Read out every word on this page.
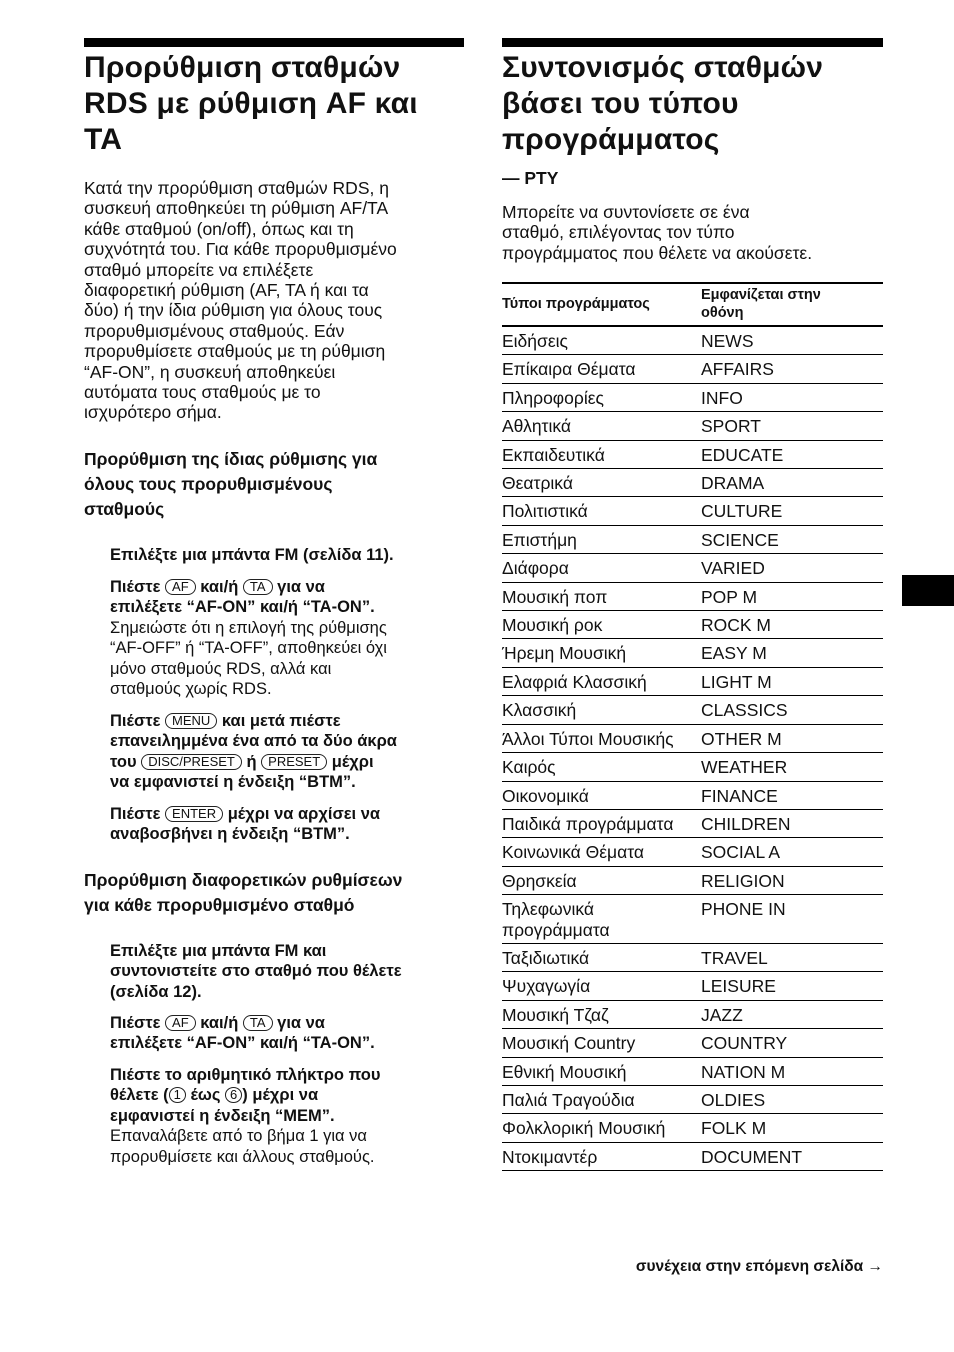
Προρύθμιση σταθμών
RDS με ρύθμιση AF και
TA

Κατά την προρύθμιση σταθμών RDS, η
συσκευή αποθηκεύει τη ρύθμιση AF/TA
κάθε σταθμού (on/off), όπως και τη
συχνότητά του. Για κάθε προρυθμισμένο
σταθμό μπορείτε να επιλέξετε
διαφορετική ρύθμιση (AF, TA ή και τα
δύο) ή την ίδια ρύθμιση για όλους τους
προρυθμισμένους σταθμούς. Εάν
προρυθμίσετε σταθμούς με τη ρύθμιση
“AF-ON”, η συσκευή αποθηκεύει
αυτόματα τους σταθμούς με το
ισχυρότερο σήμα.

Προρύθμιση της ίδιας ρύθμισης για
όλους τους προρυθμισμένους
σταθμούς

Επιλέξτε μια μπάντα FM (σελίδα 11).

Πιέστε AF και/ή TA για να
επιλέξετε “AF-ON” και/ή “TA-ON”.
Σημειώστε ότι η επιλογή της ρύθμισης
“AF-OFF” ή “TA-OFF”, αποθηκεύει όχι
μόνο σταθμούς RDS, αλλά και
σταθμούς χωρίς RDS.

Πιέστε MENU και μετά πιέστε
επανειλημμένα ένα από τα δύο άκρα
του DISC/PRESET ή PRESET μέχρι
να εμφανιστεί η ένδειξη “BTM”.

Πιέστε ENTER μέχρι να αρχίσει να
αναβοσβήνει η ένδειξη “BTM”.

Προρύθμιση διαφορετικών ρυθμίσεων
για κάθε προρυθμισμένο σταθμό

Επιλέξτε μια μπάντα FM και
συντονιστείτε στο σταθμό που θέλετε
(σελίδα 12).

Πιέστε AF και/ή TA για να
επιλέξετε “AF-ON” και/ή “TA-ON”.

Πιέστε το αριθμητικό πλήκτρο που
θέλετε ( 1 έως 6 ) μέχρι να
εμφανιστεί η ένδειξη “MEM”.
Επαναλάβετε από το βήμα 1 για να
προρυθμίσετε και άλλους σταθμούς.

Συντονισμός σταθμών
βάσει του τύπου
προγράμματος
— PTY

Μπορείτε να συντονίσετε σε ένα
σταθμό, επιλέγοντας τον τύπο
προγράμματος που θέλετε να ακούσετε.

Τύποι προγράμματος	Εμφανίζεται στην
οθόνη
Ειδήσεις	NEWS
Επίκαιρα Θέματα	AFFAIRS
Πληροφορίες	INFO
Αθλητικά	SPORT
Εκπαιδευτικά	EDUCATE
Θεατρικά	DRAMA
Πολιτιστικά	CULTURE
Επιστήμη	SCIENCE
Διάφορα	VARIED
Μουσική ποπ	POP M
Μουσική ροκ	ROCK M
Ήρεμη Μουσική	EASY M
Ελαφριά Κλασσική	LIGHT M
Κλασσική	CLASSICS
Άλλοι Τύποι Μουσικής	OTHER M
Καιρός	WEATHER
Οικονομικά	FINANCE
Παιδικά προγράμματα	CHILDREN
Κοινωνικά Θέματα	SOCIAL A
Θρησκεία	RELIGION
Τηλεφωνικά προγράμματα	PHONE IN
Ταξιδιωτικά	TRAVEL
Ψυχαγωγία	LEISURE
Μουσική Τζαζ	JAZZ
Μουσική Country	COUNTRY
Εθνική Μουσική	NATION M
Παλιά Τραγούδια	OLDIES
Φολκλορική Μουσική	FOLK M
Ντοκιμαντέρ	DOCUMENT
συνέχεια στην επόμενη σελίδα →
